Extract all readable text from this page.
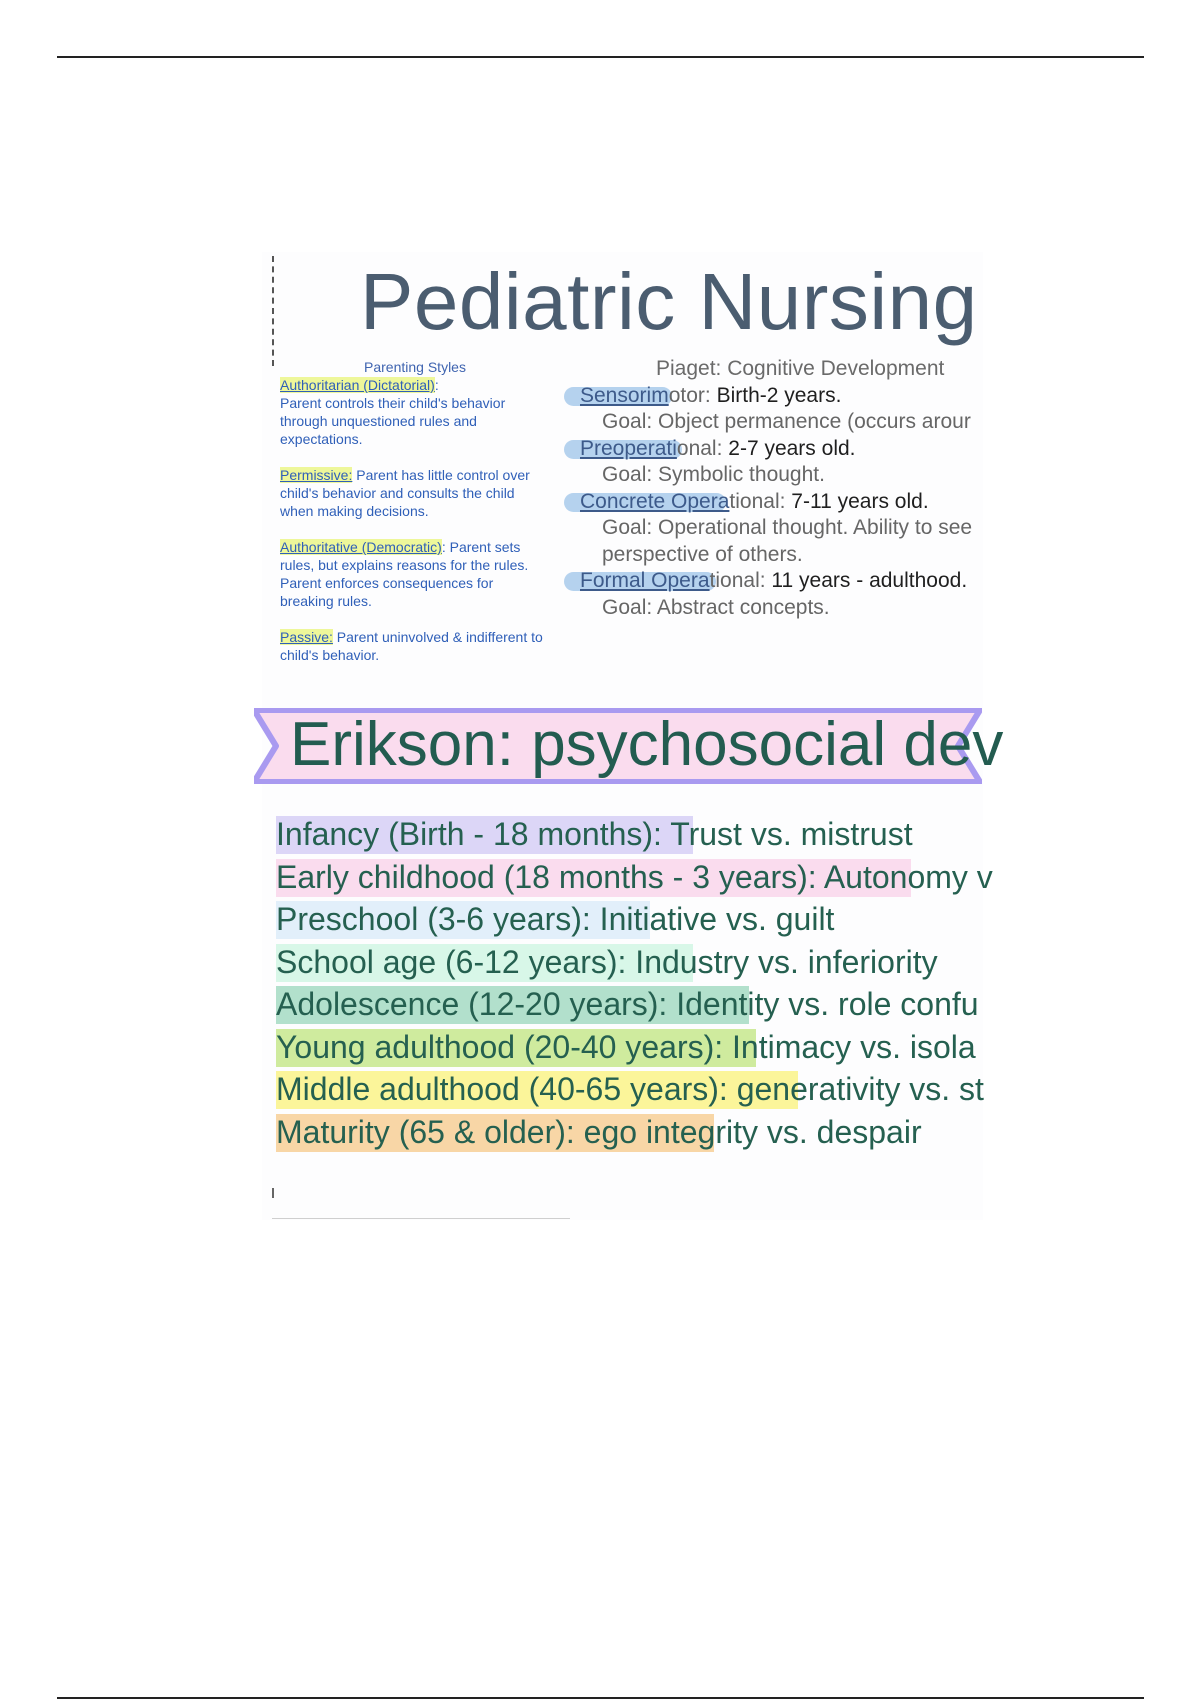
Pediatric Nursing
Parenting Styles
Authoritarian (Dictatorial):
Parent controls their child's behavior through unquestioned rules and expectations.
Permissive: Parent has little control over child's behavior and consults the child when making decisions.
Authoritative (Democratic): Parent sets rules, but explains reasons for the rules. Parent enforces consequences for breaking rules.
Passive: Parent uninvolved & indifferent to child's behavior.
Piaget: Cognitive Development
Sensorimotor: Birth-2 years.
Goal: Object permanence (occurs arour
Preoperational: 2-7 years old.
Goal: Symbolic thought.
Concrete Operational: 7-11 years old.
Goal: Operational thought. Ability to see
perspective of others.
Formal Operational: 11 years - adulthood.
Goal: Abstract concepts.
Erikson: psychosocial dev
Infancy (Birth - 18 months): Trust vs. mistrust
Early childhood (18 months - 3 years): Autonomy v
Preschool (3-6 years): Initiative vs. guilt
School age (6-12 years): Industry vs. inferiority
Adolescence (12-20 years): Identity vs. role confu
Young adulthood (20-40 years): Intimacy vs. isola
Middle adulthood (40-65 years): generativity vs. st
Maturity (65 & older): ego integrity vs. despair
